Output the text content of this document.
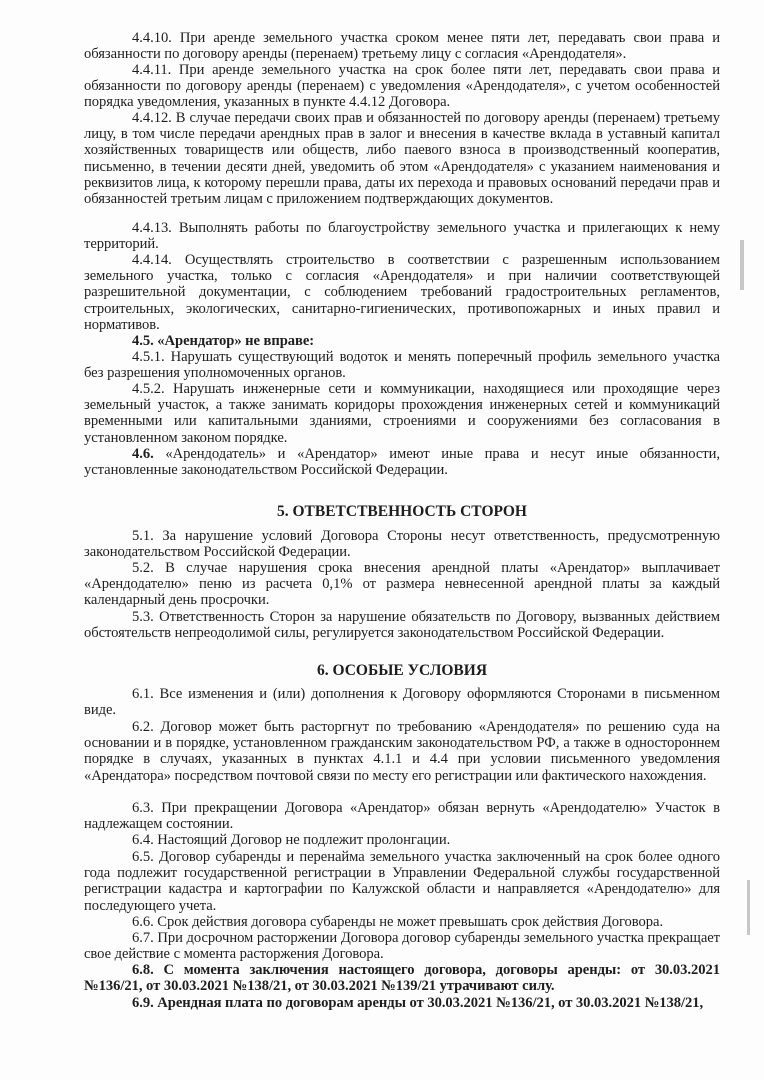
4.4.10. При аренде земельного участка сроком менее пяти лет, передавать свои права и обязанности по договору аренды (перенаем) третьему лицу с согласия «Арендодателя».

4.4.11. При аренде земельного участка на срок более пяти лет, передавать свои права и обязанности по договору аренды (перенаем) с уведомления «Арендодателя», с учетом особенностей порядка уведомления, указанных в пункте 4.4.12 Договора.

4.4.12. В случае передачи своих прав и обязанностей по договору аренды (перенаем) третьему лицу, в том числе передачи арендных прав в залог и внесения в качестве вклада в уставный капитал хозяйственных товариществ или обществ, либо паевого взноса в производственный кооператив, письменно, в течении десяти дней, уведомить об этом «Арендодателя» с указанием наименования и реквизитов лица, к которому перешли права, даты их перехода и правовых оснований передачи прав и обязанностей третьим лицам с приложением подтверждающих документов.

4.4.13. Выполнять работы по благоустройству земельного участка и прилегающих к нему территорий.

4.4.14. Осуществлять строительство в соответствии с разрешенным использованием земельного участка, только с согласия «Арендодателя» и при наличии соответствующей разрешительной документации, с соблюдением требований градостроительных регламентов, строительных, экологических, санитарно-гигиенических, противопожарных и иных правил и нормативов.

4.5. «Арендатор» не вправе:

4.5.1. Нарушать существующий водоток и менять поперечный профиль земельного участка без разрешения уполномоченных органов.

4.5.2. Нарушать инженерные сети и коммуникации, находящиеся или проходящие через земельный участок, а также занимать коридоры прохождения инженерных сетей и коммуникаций временными или капитальными зданиями, строениями и сооружениями без согласования в установленном законом порядке.

4.6. «Арендодатель» и «Арендатор» имеют иные права и несут иные обязанности, установленные законодательством Российской Федерации.

5. ОТВЕТСТВЕННОСТЬ СТОРОН

5.1. За нарушение условий Договора Стороны несут ответственность, предусмотренную законодательством Российской Федерации.

5.2. В случае нарушения срока внесения арендной платы «Арендатор» выплачивает «Арендодателю» пеню из расчета 0,1% от размера невнесенной арендной платы за каждый календарный день просрочки.

5.3. Ответственность Сторон за нарушение обязательств по Договору, вызванных действием обстоятельств непреодолимой силы, регулируется законодательством Российской Федерации.

6. ОСОБЫЕ УСЛОВИЯ

6.1. Все изменения и (или) дополнения к Договору оформляются Сторонами в письменном виде.

6.2. Договор может быть расторгнут по требованию «Арендодателя» по решению суда на основании и в порядке, установленном гражданским законодательством РФ, а также в одностороннем порядке в случаях, указанных в пунктах 4.1.1 и 4.4 при условии письменного уведомления «Арендатора» посредством почтовой связи по месту его регистрации или фактического нахождения.

6.3. При прекращении Договора «Арендатор» обязан вернуть «Арендодателю» Участок в надлежащем состоянии.

6.4. Настоящий Договор не подлежит пролонгации.

6.5. Договор субаренды и перенайма земельного участка заключенный на срок более одного года подлежит государственной регистрации в Управлении Федеральной службы государственной регистрации кадастра и картографии по Калужской области и направляется «Арендодателю» для последующего учета.

6.6. Срок действия договора субаренды не может превышать срок действия Договора.

6.7. При досрочном расторжении Договора договор субаренды земельного участка прекращает свое действие с момента расторжения Договора.

6.8. С момента заключения настоящего договора, договоры аренды: от 30.03.2021 №136/21, от 30.03.2021 №138/21, от 30.03.2021 №139/21 утрачивают силу.

6.9. Арендная плата по договорам аренды от 30.03.2021 №136/21, от 30.03.2021 №138/21,
